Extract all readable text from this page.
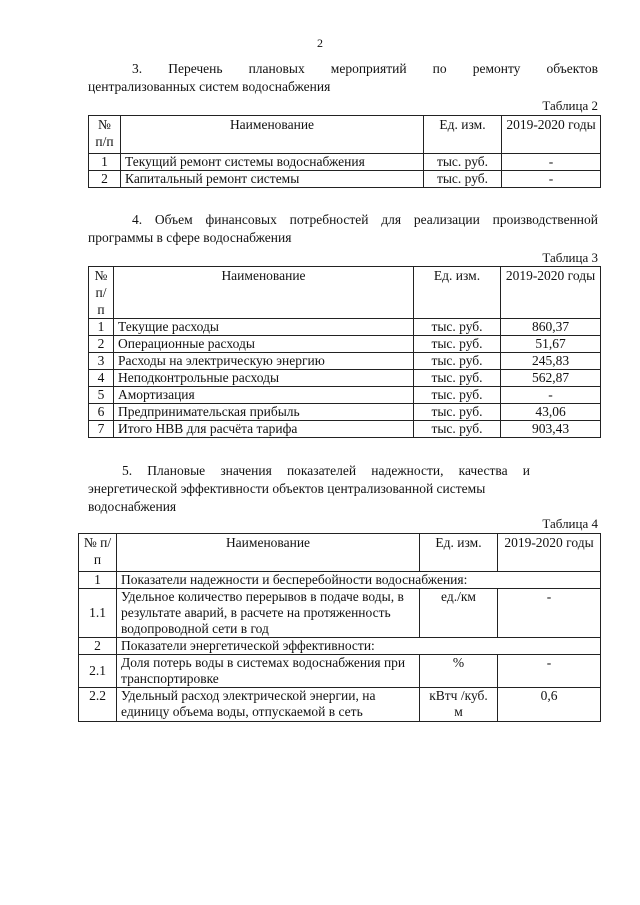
2
3. Перечень плановых мероприятий по ремонту объектов
централизованных систем водоснабжения
Таблица 2
№ п/п	Наименование	Ед. изм.	2019-2020 годы
1	Текущий ремонт системы водоснабжения	тыс. руб.	-
2	Капитальный ремонт системы	тыс. руб.	-
4. Объем финансовых потребностей для реализации производственной
программы в сфере водоснабжения
Таблица 3
№ п/ п	Наименование	Ед. изм.	2019-2020 годы
1	Текущие расходы	тыс. руб.	860,37
2	Операционные расходы	тыс. руб.	51,67
3	Расходы на электрическую энергию	тыс. руб.	245,83
4	Неподконтрольные расходы	тыс. руб.	562,87
5	Амортизация	тыс. руб.	-
6	Предпринимательская прибыль	тыс. руб.	43,06
7	Итого НВВ для расчёта тарифа	тыс. руб.	903,43
5. Плановые значения показателей надежности, качества и
энергетической эффективности объектов централизованной системы
водоснабжения
Таблица 4
№ п/п	Наименование	Ед. изм.	2019-2020 годы
1	Показатели надежности и бесперебойности водоснабжения:		
1.1	Удельное количество перерывов в подаче воды, в результате аварий, в расчете на протяженность водопроводной сети в год	ед./км	-
2	Показатели энергетической эффективности:		
2.1	Доля потерь воды в системах водоснабжения при транспортировке	%	-
2.2	Удельный расход электрической энергии, на единицу объема воды, отпускаемой в сеть	кВтч /куб. м	0,6
